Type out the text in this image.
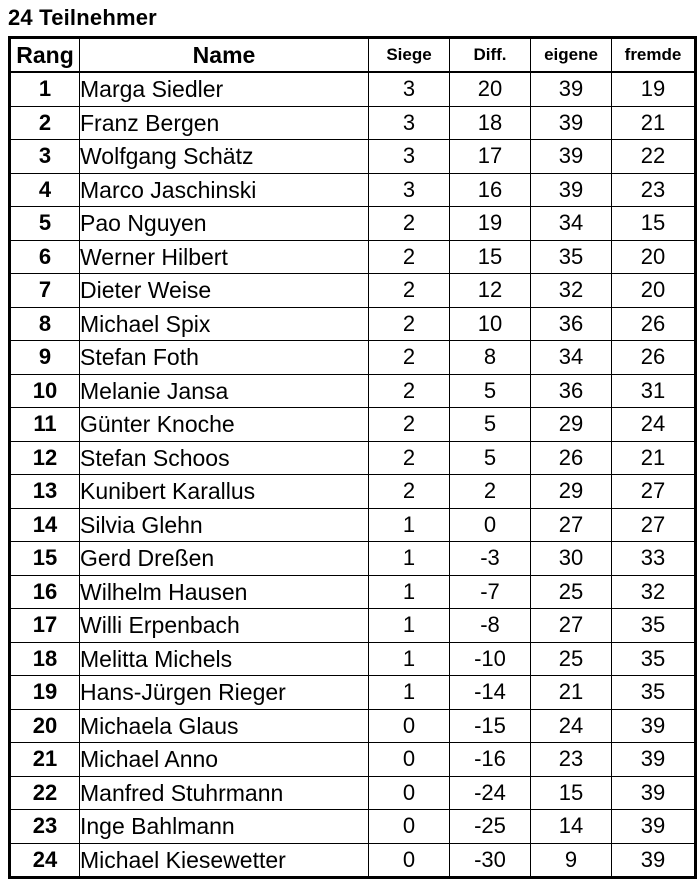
24 Teilnehmer
Rang	Name	Siege	Diff.	eigene	fremde
1	Marga Siedler	3	20	39	19
2	Franz Bergen	3	18	39	21
3	Wolfgang Schätz	3	17	39	22
4	Marco Jaschinski	3	16	39	23
5	Pao Nguyen	2	19	34	15
6	Werner Hilbert	2	15	35	20
7	Dieter Weise	2	12	32	20
8	Michael Spix	2	10	36	26
9	Stefan Foth	2	8	34	26
10	Melanie Jansa	2	5	36	31
11	Günter Knoche	2	5	29	24
12	Stefan Schoos	2	5	26	21
13	Kunibert Karallus	2	2	29	27
14	Silvia Glehn	1	0	27	27
15	Gerd Dreßen	1	-3	30	33
16	Wilhelm Hausen	1	-7	25	32
17	Willi Erpenbach	1	-8	27	35
18	Melitta Michels	1	-10	25	35
19	Hans-Jürgen Rieger	1	-14	21	35
20	Michaela Glaus	0	-15	24	39
21	Michael Anno	0	-16	23	39
22	Manfred Stuhrmann	0	-24	15	39
23	Inge Bahlmann	0	-25	14	39
24	Michael Kiesewetter	0	-30	9	39
